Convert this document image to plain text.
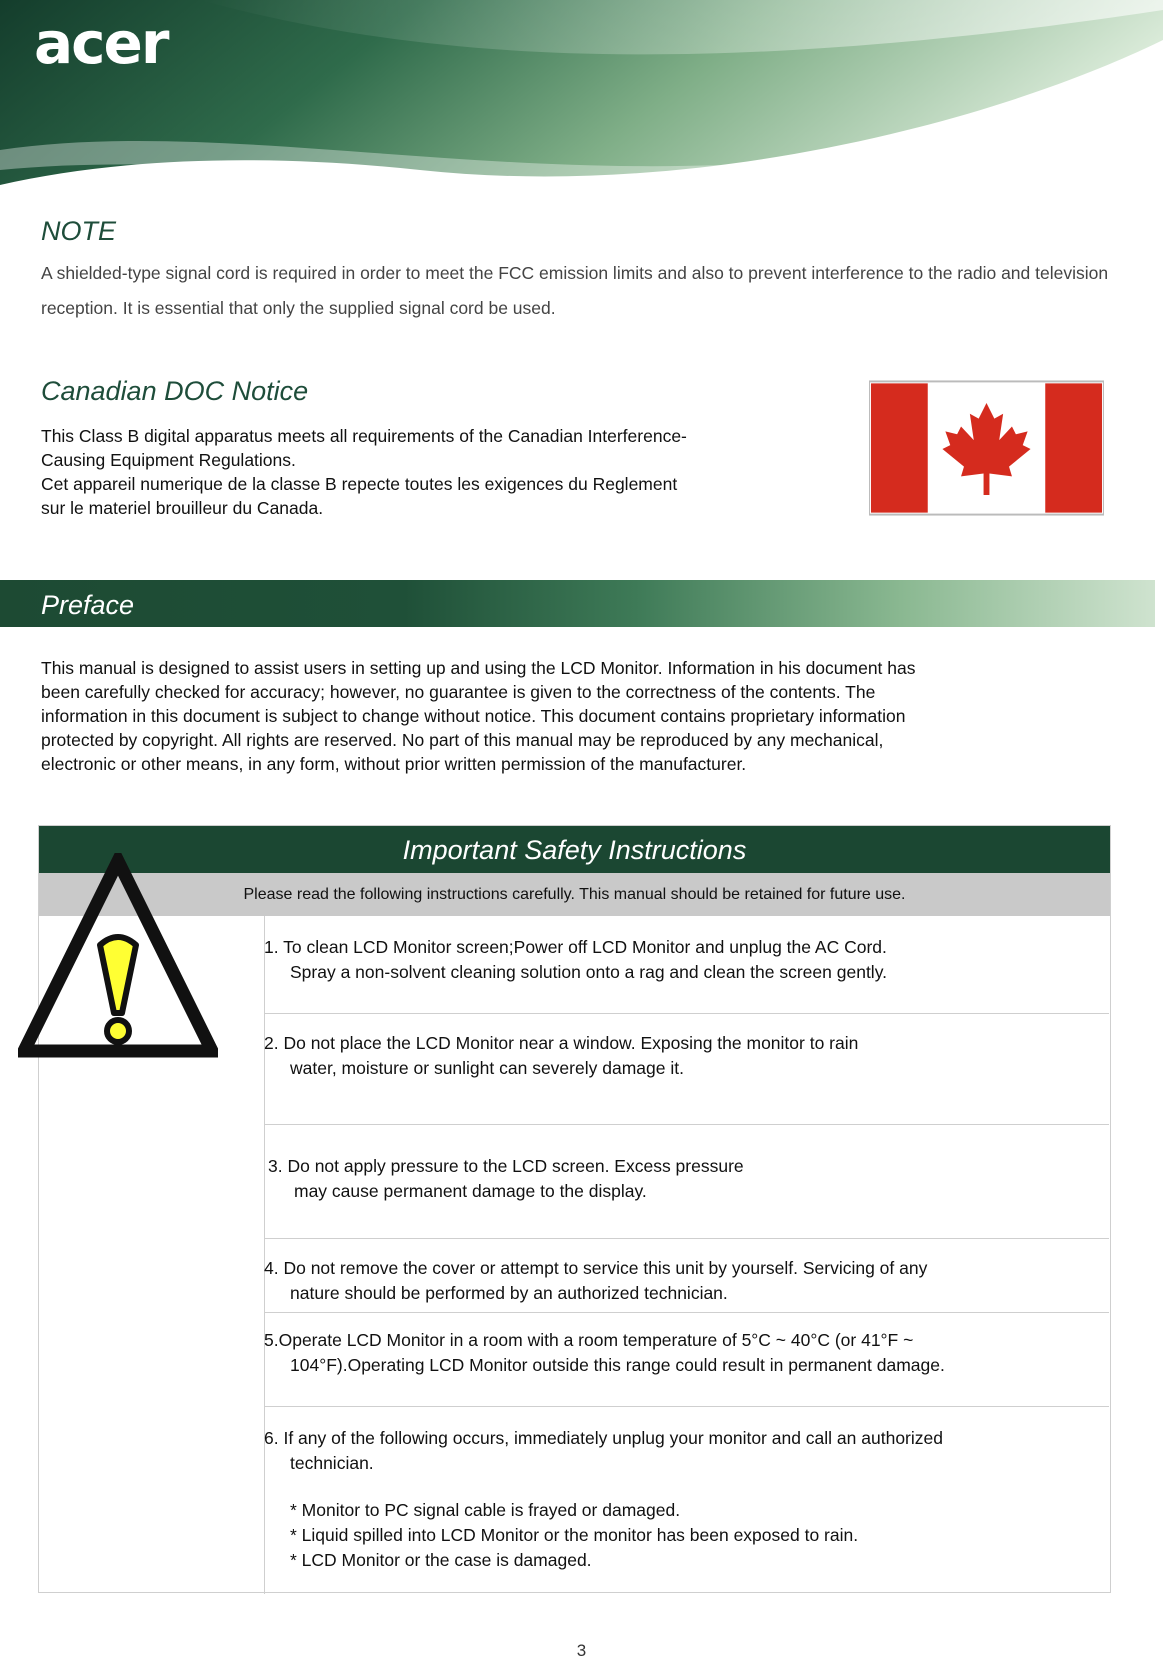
acer
NOTE
A shielded-type signal cord is required in order to meet the FCC emission limits and also to prevent interference to the radio and television reception. It is essential that only the supplied signal cord be used.
Canadian DOC Notice
This Class B digital apparatus meets all requirements of the Canadian Interference-
Causing Equipment Regulations.
Cet appareil numerique de la classe B repecte toutes les exigences du Reglement
sur le materiel brouilleur du Canada.
Preface
This manual is designed to assist users in setting up and using the LCD Monitor. Information in his document has
been carefully checked for accuracy; however, no guarantee is given to the correctness of the contents. The
information in this document is subject to change without notice. This document contains proprietary information
protected by copyright. All rights are reserved. No part of this manual may be reproduced by any mechanical,
electronic or other means, in any form, without prior written permission of the manufacturer.
Important Safety Instructions
Please read the following instructions carefully. This manual should be retained for future use.
1. To clean LCD Monitor screen;Power off LCD Monitor and unplug the AC Cord.
Spray a non-solvent cleaning solution onto a rag and clean the screen gently.
2. Do not place the LCD Monitor near a window. Exposing the monitor to rain
water, moisture or sunlight can severely damage it.
3. Do not apply pressure to the LCD screen. Excess pressure
may cause permanent damage to the display.
4. Do not remove the cover or attempt to service this unit by yourself. Servicing of any
nature should be performed by an authorized technician.
5.Operate LCD Monitor in a room with a room temperature of 5°C ~ 40°C (or 41°F ~
104°F).Operating LCD Monitor outside this range could result in permanent damage.
6. If any of the following occurs, immediately unplug your monitor and call an authorized
technician.
* Monitor to PC signal cable is frayed or damaged.
* Liquid spilled into LCD Monitor or the monitor has been exposed to rain.
* LCD Monitor or the case is damaged.
3
